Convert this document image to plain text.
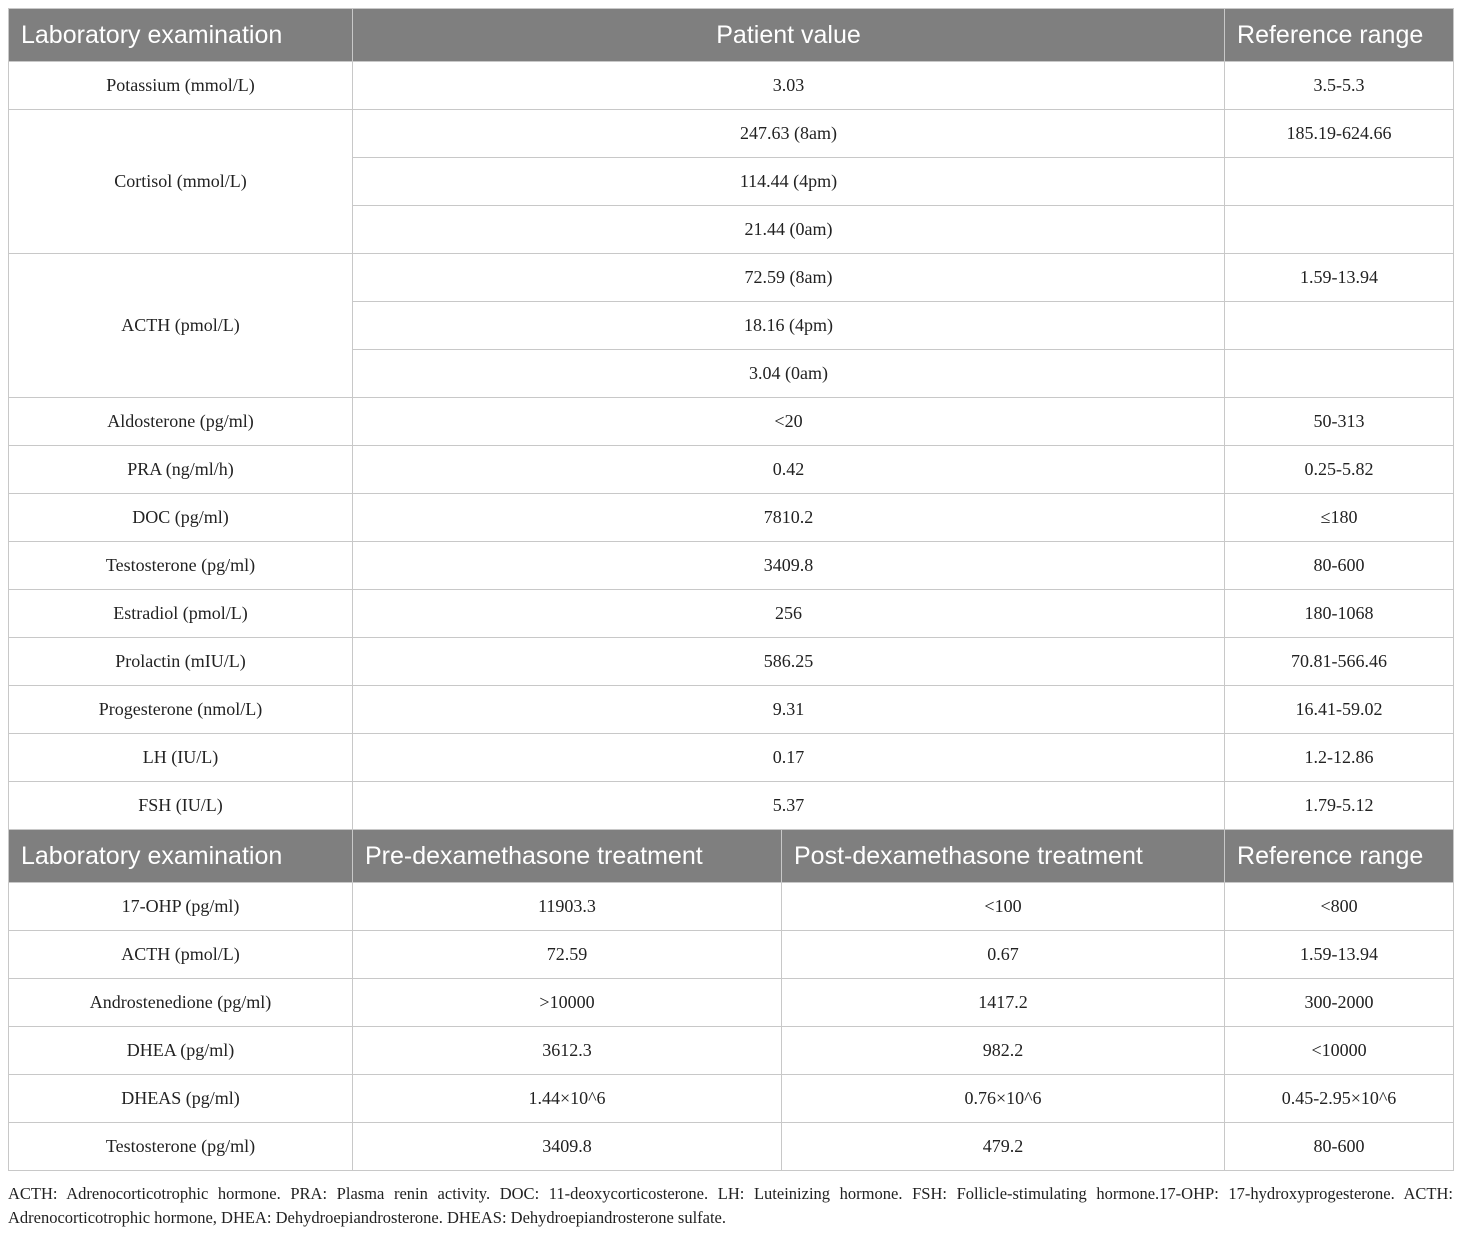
Laboratory examination	Patient value		Reference range
Potassium (mmol/L)	3.03		3.5-5.3
Cortisol (mmol/L)	247.63 (8am)		185.19-624.66
	114.44 (4pm)		
	21.44 (0am)		
ACTH (pmol/L)	72.59 (8am)		1.59-13.94
	18.16 (4pm)		
	3.04 (0am)		
Aldosterone (pg/ml)	<20		50-313
PRA (ng/ml/h)	0.42		0.25-5.82
DOC (pg/ml)	7810.2		≤180
Testosterone (pg/ml)	3409.8		80-600
Estradiol (pmol/L)	256		180-1068
Prolactin (mIU/L)	586.25		70.81-566.46
Progesterone (nmol/L)	9.31		16.41-59.02
LH (IU/L)	0.17		1.2-12.86
FSH (IU/L)	5.37		1.79-5.12
Laboratory examination	Pre-dexamethasone treatment	Post-dexamethasone treatment	Reference range
17-OHP (pg/ml)	11903.3	<100	<800
ACTH (pmol/L)	72.59	0.67	1.59-13.94
Androstenedione (pg/ml)	>10000	1417.2	300-2000
DHEA (pg/ml)	3612.3	982.2	<10000
DHEAS (pg/ml)	1.44×10^6	0.76×10^6	0.45-2.95×10^6
Testosterone (pg/ml)	3409.8	479.2	80-600
ACTH: Adrenocorticotrophic hormone. PRA: Plasma renin activity. DOC: 11-deoxycorticosterone. LH: Luteinizing hormone. FSH: Follicle-stimulating hormone.17-OHP: 17-hydroxyprogesterone. ACTH: Adrenocorticotrophic hormone, DHEA: Dehydroepiandrosterone. DHEAS: Dehydroepiandrosterone sulfate.
